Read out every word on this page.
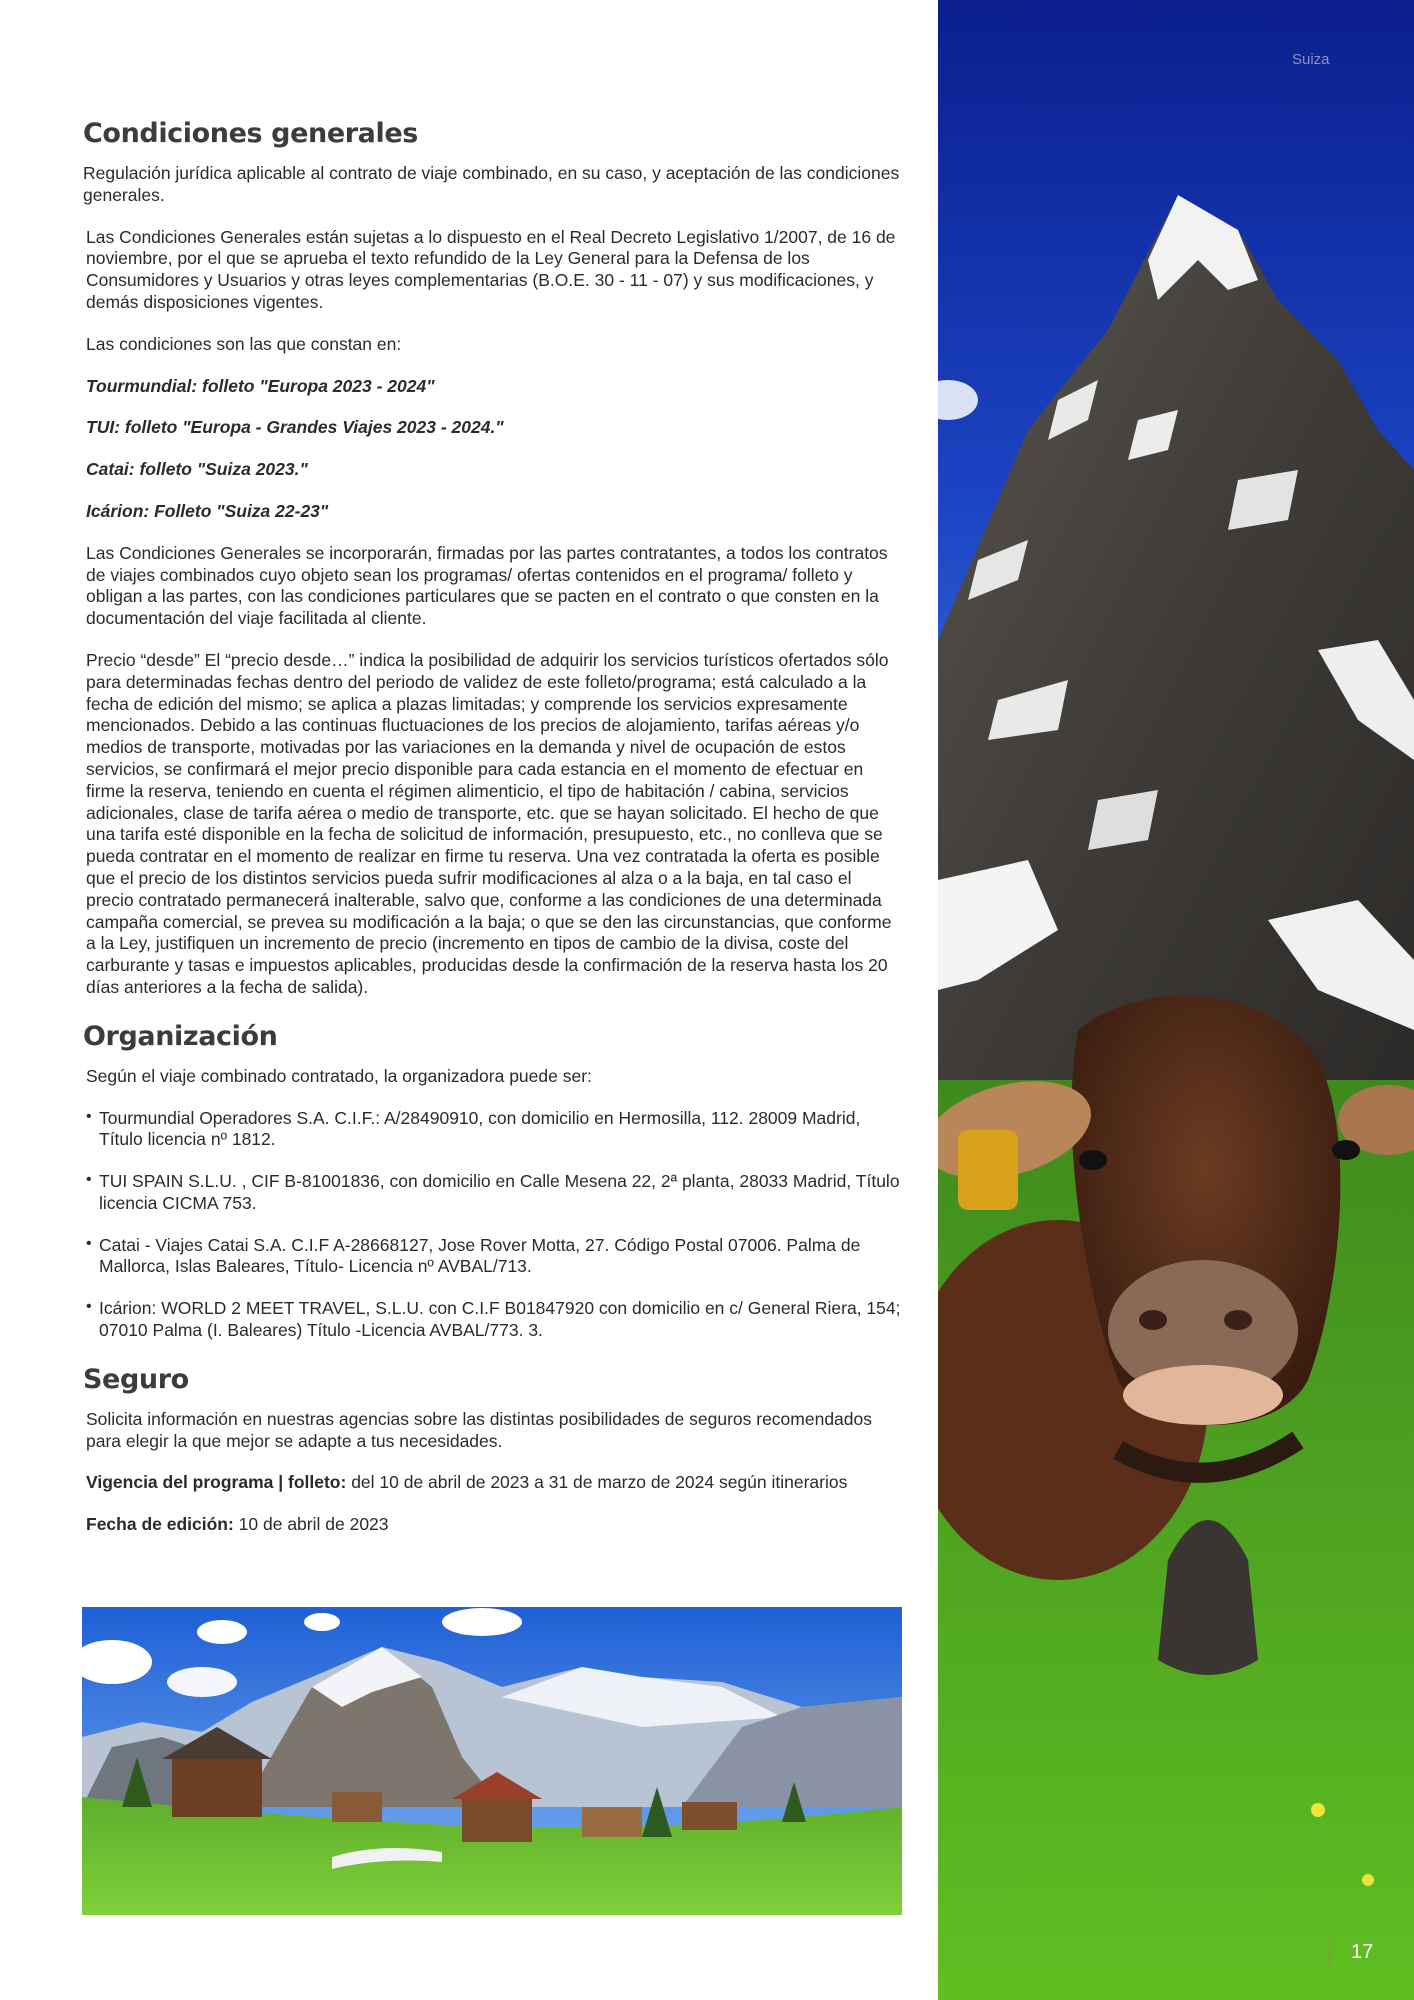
Suiza
17
Condiciones generales

Regulación jurídica aplicable al contrato de viaje combinado, en su caso, y aceptación de las condiciones generales.

Las Condiciones Generales están sujetas a lo dispuesto en el Real Decreto Legislativo 1/2007, de 16 de noviembre, por el que se aprueba el texto refundido de la Ley General para la Defensa de los Consumidores y Usuarios y otras leyes complementarias (B.O.E. 30 - 11 - 07) y sus modificaciones, y demás disposiciones vigentes.

Las condiciones son las que constan en:

Tourmundial: folleto "Europa 2023 - 2024"

TUI: folleto "Europa - Grandes Viajes 2023 - 2024."

Catai: folleto "Suiza 2023."

Icárion: Folleto "Suiza 22-23"

Las Condiciones Generales se incorporarán, firmadas por las partes contratantes, a todos los contratos de viajes combinados cuyo objeto sean los programas/ ofertas contenidos en el programa/ folleto y obligan a las partes, con las condiciones particulares que se pacten en el contrato o que consten en la documentación del viaje facilitada al cliente.

Precio “desde” El “precio desde…” indica la posibilidad de adquirir los servicios turísticos ofertados sólo para determinadas fechas dentro del periodo de validez de este folleto/programa; está calculado a la fecha de edición del mismo; se aplica a plazas limitadas; y comprende los servicios expresamente mencionados. Debido a las continuas fluctuaciones de los precios de alojamiento, tarifas aéreas y/o medios de transporte, motivadas por las variaciones en la demanda y nivel de ocupación de estos servicios, se confirmará el mejor precio disponible para cada estancia en el momento de efectuar en firme la reserva, teniendo en cuenta el régimen alimenticio, el tipo de habitación / cabina, servicios adicionales, clase de tarifa aérea o medio de transporte, etc. que se hayan solicitado. El hecho de que una tarifa esté disponible en la fecha de solicitud de información, presupuesto, etc., no conlleva que se pueda contratar en el momento de realizar en firme tu reserva. Una vez contratada la oferta es posible que el precio de los distintos servicios pueda sufrir modificaciones al alza o a la baja, en tal caso el precio contratado permanecerá inalterable, salvo que, conforme a las condiciones de una determinada campaña comercial, se prevea su modificación a la baja; o que se den las circunstancias, que conforme a la Ley, justifiquen un incremento de precio (incremento en tipos de cambio de la divisa, coste del carburante y tasas e impuestos aplicables, producidas desde la confirmación de la reserva hasta los 20 días anteriores a la fecha de salida).

Organización

Según el viaje combinado contratado, la organizadora puede ser:

• Tourmundial Operadores S.A. C.I.F.: A/28490910, con domicilio en Hermosilla, 112. 28009 Madrid, Título licencia nº 1812.

• TUI SPAIN S.L.U. , CIF B-81001836, con domicilio en Calle Mesena 22, 2ª planta, 28033 Madrid, Título licencia CICMA 753.

• Catai - Viajes Catai S.A. C.I.F A-28668127, Jose Rover Motta, 27. Código Postal 07006. Palma de Mallorca, Islas Baleares, Título- Licencia nº AVBAL/713.

• Icárion: WORLD 2 MEET TRAVEL, S.L.U. con C.I.F B01847920 con domicilio en c/ General Riera, 154; 07010 Palma (I. Baleares) Título -Licencia AVBAL/773. 3.

Seguro

Solicita información en nuestras agencias sobre las distintas posibilidades de seguros recomendados para elegir la que mejor se adapte a tus necesidades.

Vigencia del programa | folleto: del 10 de abril de 2023 a 31 de marzo de 2024 según itinerarios

Fecha de edición: 10 de abril de 2023
